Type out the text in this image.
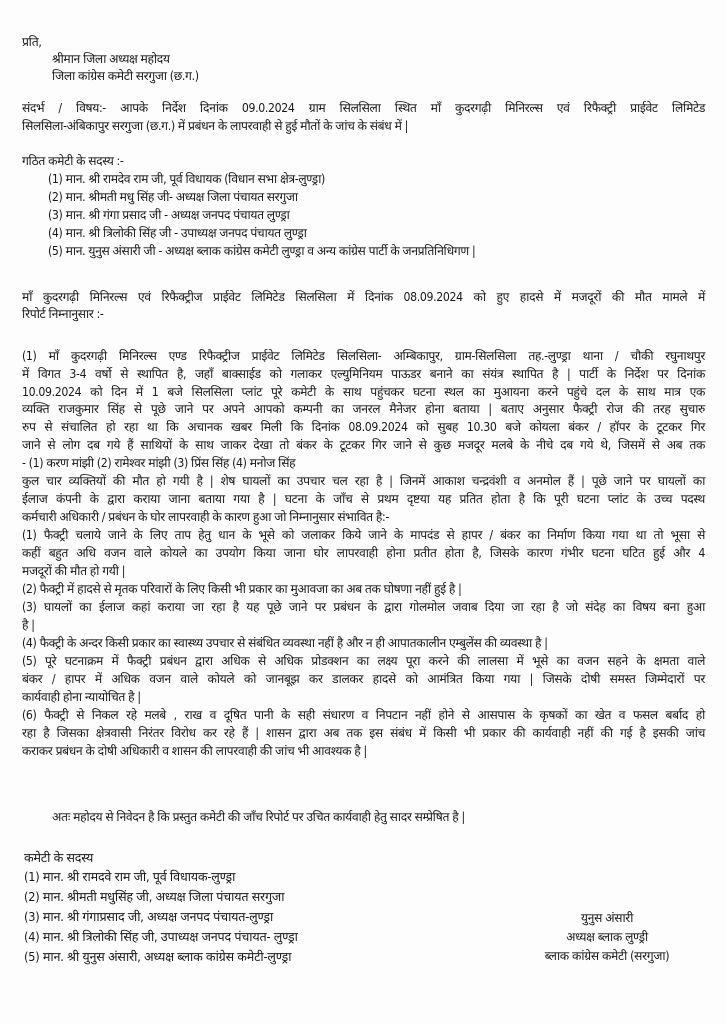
प्रति,
श्रीमान जिला अध्यक्ष महोदय
जिला कांग्रेस कमेटी सरगुजा (छ.ग.)
संदर्भ / विषय:- आपके निर्देश दिनांक 09.0.2024 ग्राम सिलसिला स्थित माँ कुदरगढ़ी मिनिरल्स एवं रिफैक्ट्री प्राईवेट लिमिटेड
सिलसिला-अंबिकापुर सरगुजा (छ.ग.) में प्रबंधन के लापरवाही से हुई मौतों के जांच के संबंध में |
गठित कमेटी के सदस्य :-
(1) मान. श्री रामदेव राम जी, पूर्व विधायक (विधान सभा क्षेत्र-लुण्ड्रा)
(2) मान. श्रीमती मधु सिंह जी- अध्यक्ष जिला पंचायत सरगुजा
(3) मान. श्री गंगा प्रसाद जी - अध्यक्ष जनपद पंचायत लुण्ड्रा
(4) मान. श्री त्रिलोकी सिंह जी - उपाध्यक्ष जनपद पंचायत लुण्ड्रा
(5) मान. युनुस अंसारी जी - अध्यक्ष ब्लाक कांग्रेस कमेटी लुण्ड्रा व अन्य कांग्रेस पार्टी के जनप्रतिनिधिगण |
माँ कुदरगढ़ी मिनिरल्स एवं रिफैक्ट्रीज प्राईवेट लिमिटेड सिलसिला में दिनांक 08.09.2024 को हुए हादसे में मजदूरों की मौत मामले में
रिपोर्ट निम्नानुसार :-
(1) माँ कुदरगढ़ी मिनिरल्स एण्ड रिफैक्ट्रीज प्राईवेट लिमिटेड सिलसिला- अम्बिकापुर, ग्राम-सिलसिला तह.-लुण्ड्रा थाना / चौकी रघुनाथपुर
में विगत 3-4 वर्षो से स्थापित है, जहाँ बाक्साईड को गलाकर एल्युमिनियम पाऊडर बनाने का संयंत्र स्थापित है | पार्टी के निर्देश पर दिनांक
10.09.2024 को दिन में 1 बजे सिलसिला प्लांट पूरे कमेटी के साथ पहुंचकर घटना स्थल का मुआयना करने पहुंचे दल के साथ मात्र एक
व्यक्ति राजकुमार सिंह से पूछे जाने पर अपने आपको कम्पनी का जनरल मैनेजर होना बताया | बताए अनुसार फैक्ट्री रोज की तरह सुचारु
रुप से संचालित हो रहा था कि अचानक खबर मिली कि दिनांक 08.09.2024 को सुबह 10.30 बजे कोयला बंकर / हॉपर के टूटकर गिर
जाने से लोग दब गये हैं साथियों के साथ जाकर देखा तो बंकर के टूटकर गिर जाने से कुछ मजदूर मलबे के नीचे दब गये थे, जिसमें से अब तक
- (1) करण मांझी (2) रामेश्वर मांझी (3) प्रिंस सिंह (4) मनोज सिंह
कुल चार व्यक्तियों की मौत हो गयी है | शेष घायलों का उपचार चल रहा है | जिनमें आकाश चन्द्रवंशी व अनमोल हैं | पूछे जाने पर घायलों का
ईलाज कंपनी के द्वारा कराया जाना बताया गया है | घटना के जाँच से प्रथम दृष्टया यह प्रतित होता है कि पूरी घटना प्लांट के उच्च पदस्थ
कर्मचारी अधिकारी / प्रबंधन के घोर लापरवाही के कारण हुआ जो निम्नानुसार संभावित है:-
(1) फैक्ट्री चलाये जाने के लिए ताप हेतु धान के भूसे को जलाकर किये जाने के मापदंड से हापर / बंकर का निर्माण किया गया था तो भूसा से
कहीं बहुत अधि वजन वाले कोयले का उपयोग किया जाना घोर लापरवाही होना प्रतीत होता है, जिसके कारण गंभीर घटना घटित हुई और 4
मजदूरों की मौत हो गयी |
(2) फैक्ट्री में हादसे से मृतक परिवारों के लिए किसी भी प्रकार का मुआवजा का अब तक घोषणा नहीं हुई है |
(3) घायलों का ईलाज कहां कराया जा रहा है यह पूछे जाने पर प्रबंधन के द्वारा गोलमोल जवाब दिया जा रहा है जो संदेह का विषय बना हुआ
है |
(4) फैक्ट्री के अन्दर किसी प्रकार का स्वास्थ्य उपचार से संबंधित व्यवस्था नहीं है और न ही आपातकालीन एम्बुलेंस की व्यवस्था है |
(5) पूरे घटनाक्रम में फैक्ट्री प्रबंधन द्वारा अधिक से अधिक प्रोडक्शन का लक्ष्य पूरा करने की लालसा में भूसे का वजन सहने के क्षमता वाले
बंकर / हापर में अधिक वजन वाले कोयले को जानबूझ कर डालकर हादसे को आमंत्रित किया गया | जिसके दोषी समस्त जिम्मेदारों पर
कार्यवाही होना न्यायोचित है |
(6) फैक्ट्री से निकल रहे मलबे , राख व दूषित पानी के सही संधारण व निपटान नहीं होने से आसपास के कृषकों का खेत व फसल बर्बाद हो
रहा है जिसका क्षेत्रवासी निरंतर विरोध कर रहे हैं | शासन द्वारा अब तक इस संबंध में किसी भी प्रकार की कार्यवाही नहीं की गई है इसकी जांच
कराकर प्रबंधन के दोषी अधिकारी व शासन की लापरवाही की जांच भी आवश्यक है |
अतः महोदय से निवेदन है कि प्रस्तुत कमेटी की जाँच रिपोर्ट पर उचित कार्यवाही हेतु सादर सम्प्रेषित है |
कमेटी के सदस्य
(1) मान. श्री रामदवे राम जी, पूर्व विधायक-लुण्ड्रा
(2) मान. श्रीमती मधुसिंह जी, अध्यक्ष जिला पंचायत सरगुजा
(3) मान. श्री गंगाप्रसाद जी, अध्यक्ष जनपद पंचायत-लुण्ड्रा
(4) मान. श्री त्रिलोकी सिंह जी, उपाध्यक्ष जनपद पंचायत- लुण्ड्रा
(5) मान. श्री युनुस अंसारी, अध्यक्ष ब्लाक कांग्रेस कमेटी-लुण्ड्रा
युनुस अंसारी
अध्यक्ष ब्लाक लुण्ड्री
ब्लाक कांग्रेस कमेटी (सरगुजा)
